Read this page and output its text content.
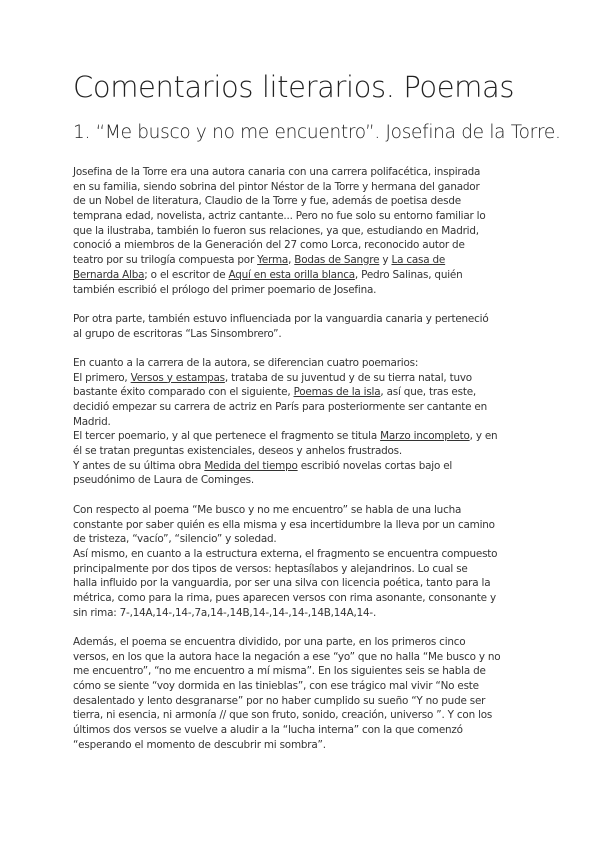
Comentarios literarios. Poemas
1. “Me busco y no me encuentro”. Josefina de la Torre.
Josefina de la Torre era una autora canaria con una carrera polifacética, inspirada
en su familia, siendo sobrina del pintor Néstor de la Torre y hermana del ganador
de un Nobel de literatura, Claudio de la Torre y fue, además de poetisa desde
temprana edad, novelista, actriz cantante... Pero no fue solo su entorno familiar lo
que la ilustraba, también lo fueron sus relaciones, ya que, estudiando en Madrid,
conoció a miembros de la Generación del 27 como Lorca, reconocido autor de
teatro por su trilogía compuesta por Yerma, Bodas de Sangre y La casa de
Bernarda Alba; o el escritor de Aquí en esta orilla blanca, Pedro Salinas, quién
también escribió el prólogo del primer poemario de Josefina.
Por otra parte, también estuvo influenciada por la vanguardia canaria y perteneció
al grupo de escritoras “Las Sinsombrero”.
En cuanto a la carrera de la autora, se diferencian cuatro poemarios:
El primero, Versos y estampas, trataba de su juventud y de su tierra natal, tuvo
bastante éxito comparado con el siguiente, Poemas de la isla, así que, tras este,
decidió empezar su carrera de actriz en París para posteriormente ser cantante en
Madrid.
El tercer poemario, y al que pertenece el fragmento se titula Marzo incompleto, y en
él se tratan preguntas existenciales, deseos y anhelos frustrados.
Y antes de su última obra Medida del tiempo escribió novelas cortas bajo el
pseudónimo de Laura de Cominges.
Con respecto al poema “Me busco y no me encuentro” se habla de una lucha
constante por saber quién es ella misma y esa incertidumbre la lleva por un camino
de tristeza, “vacío”, “silencio” y soledad.
Así mismo, en cuanto a la estructura externa, el fragmento se encuentra compuesto
principalmente por dos tipos de versos: heptasílabos y alejandrinos. Lo cual se
halla influido por la vanguardia, por ser una silva con licencia poética, tanto para la
métrica, como para la rima, pues aparecen versos con rima asonante, consonante y
sin rima: 7-,14A,14-,14-,7a,14-,14B,14-,14-,14-,14B,14A,14-.
Además, el poema se encuentra dividido, por una parte, en los primeros cinco
versos, en los que la autora hace la negación a ese “yo” que no halla “Me busco y no
me encuentro”, “no me encuentro a mí misma”. En los siguientes seis se habla de
cómo se siente “voy dormida en las tinieblas”, con ese trágico mal vivir “No este
desalentado y lento desgranarse” por no haber cumplido su sueño “Y no pude ser
tierra, ni esencia, ni armonía // que son fruto, sonido, creación, universo ”. Y con los
últimos dos versos se vuelve a aludir a la “lucha interna” con la que comenzó
“esperando el momento de descubrir mi sombra”.
